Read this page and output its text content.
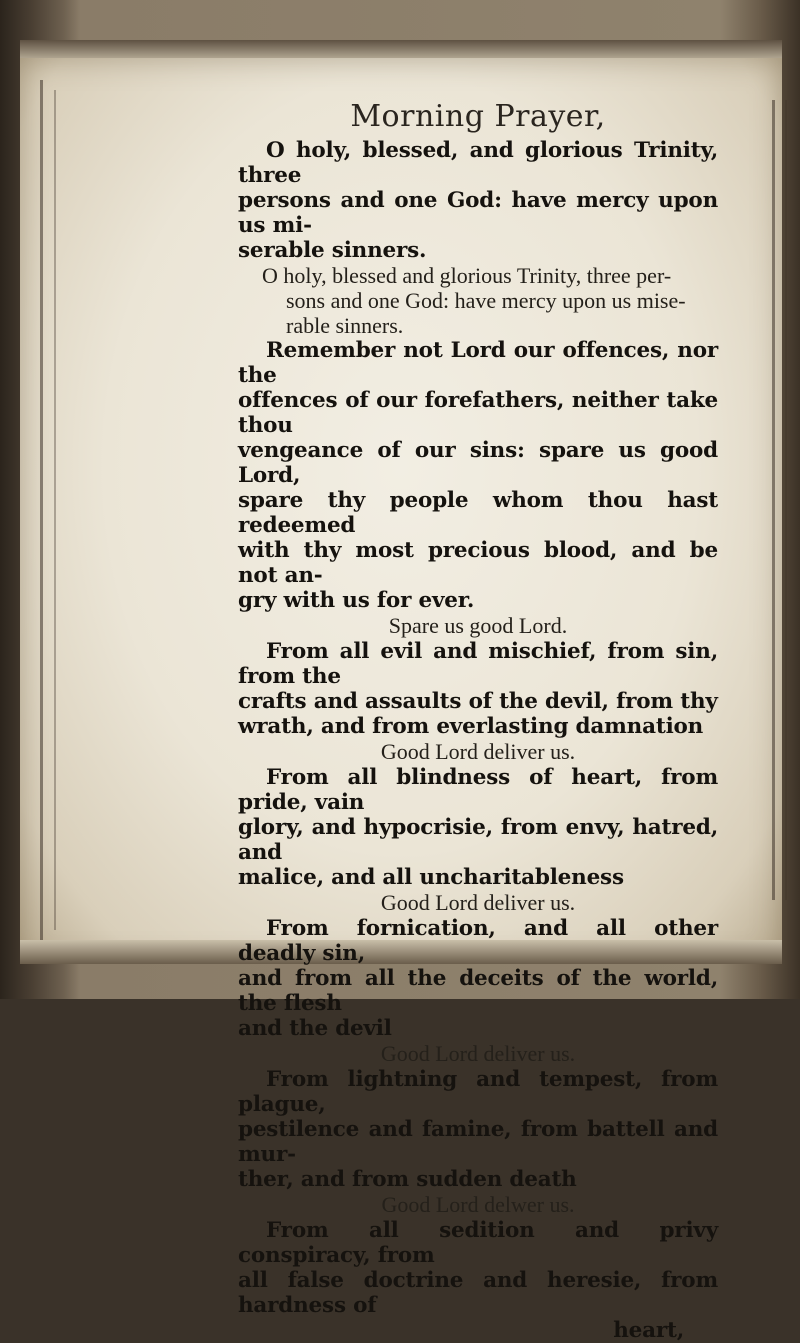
Morning Prayer,

O holy, blessed, and glorious Trinity, three

persons and one God: have mercy upon us mi-

serable sinners.

O holy, blessed and glorious Trinity, three per-

sons and one God: have mercy upon us mise-

rable sinners.

Remember not Lord our offences, nor the

offences of our forefathers, neither take thou

vengeance of our sins: spare us good Lord,

spare thy people whom thou hast redeemed

with thy most precious blood, and be not an-

gry with us for ever.

Spare us good Lord.

From all evil and mischief, from sin, from the

crafts and assaults of the devil, from thy

wrath, and from everlasting damnation

Good Lord deliver us.

From all blindness of heart, from pride, vain

glory, and hypocrisie, from envy, hatred, and

malice, and all uncharitableness

Good Lord deliver us.

From fornication, and all other deadly sin,

and from all the deceits of the world, the flesh

and the devil

Good Lord deliver us.

From lightning and tempest, from plague,

pestilence and famine, from battell and mur-

ther, and from sudden death

Good Lord delwer us.

From all sedition and privy conspiracy, from

all false doctrine and heresie, from hardness of

heart,
